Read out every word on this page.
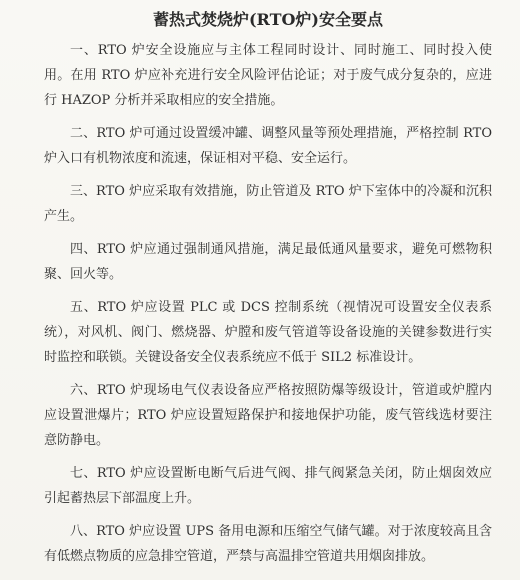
蓄热式焚烧炉(RTO炉)安全要点

一、RTO 炉安全设施应与主体工程同时设计、同时施工、同时投入使用。在用 RTO 炉应补充进行安全风险评估论证；对于废气成分复杂的，应进行 HAZOP 分析并采取相应的安全措施。

二、RTO 炉可通过设置缓冲罐、调整风量等预处理措施，严格控制 RTO 炉入口有机物浓度和流速，保证相对平稳、安全运行。

三、RTO 炉应采取有效措施，防止管道及 RTO 炉下室体中的冷凝和沉积产生。

四、RTO 炉应通过强制通风措施，满足最低通风量要求，避免可燃物积聚、回火等。

五、RTO 炉应设置 PLC 或 DCS 控制系统（视情况可设置安全仪表系统），对风机、阀门、燃烧器、炉膛和废气管道等设备设施的关键参数进行实时监控和联锁。关键设备安全仪表系统应不低于 SIL2 标准设计。

六、RTO 炉现场电气仪表设备应严格按照防爆等级设计，管道或炉膛内应设置泄爆片；RTO 炉应设置短路保护和接地保护功能，废气管线选材要注意防静电。

七、RTO 炉应设置断电断气后进气阀、排气阀紧急关闭，防止烟囱效应引起蓄热层下部温度上升。

八、RTO 炉应设置 UPS 备用电源和压缩空气储气罐。对于浓度较高且含有低燃点物质的应急排空管道，严禁与高温排空管道共用烟囱排放。
